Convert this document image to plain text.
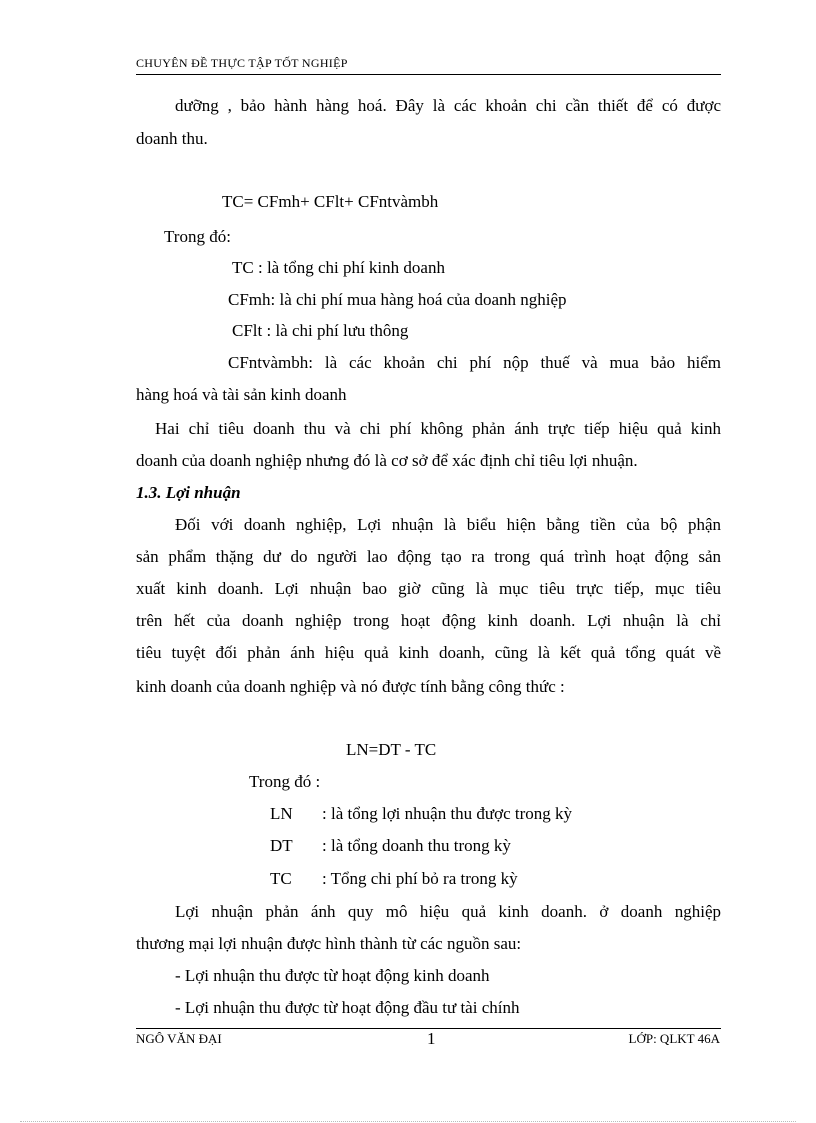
CHUYÊN ĐỀ THỰC TẬP TỐT NGHIỆP
dưỡng , bảo hành hàng hoá. Đây là các khoản chi cần thiết để có được
doanh thu.
TC= CFmh+ CFlt+ CFntvàmbh
Trong đó:
TC : là tổng chi phí kinh doanh
CFmh: là chi phí mua hàng hoá của doanh nghiệp
CFlt : là chi phí lưu thông
CFntvàmbh: là các khoản chi phí nộp thuế và mua bảo hiểm
hàng hoá và tài sản kinh doanh
Hai chỉ tiêu doanh thu và chi phí không phản ánh trực tiếp hiệu quả kinh
doanh của doanh nghiệp nhưng đó là cơ sở để xác định chỉ tiêu lợi nhuận.
1.3. Lợi nhuận
Đối với doanh nghiệp, Lợi nhuận là biểu hiện bằng tiền của bộ phận
sản phẩm thặng dư do người lao động tạo ra trong quá trình hoạt động sản
xuất kinh doanh. Lợi nhuận bao giờ cũng là mục tiêu trực tiếp, mục tiêu
trên hết của doanh nghiệp trong hoạt động kinh doanh. Lợi nhuận là chỉ
tiêu tuyệt đối phản ánh hiệu quả kinh doanh, cũng là kết quả tổng quát về
kinh doanh của doanh nghiệp và nó được tính bằng công thức :
LN=DT - TC
Trong đó :
LN : là tổng lợi nhuận thu được trong kỳ
DT : là tổng doanh thu trong kỳ
TC : Tổng chi phí bỏ ra trong kỳ
Lợi nhuận phản ánh quy mô hiệu quả kinh doanh. ở doanh nghiệp
thương mại lợi nhuận được hình thành từ các nguồn sau:
- Lợi nhuận thu được từ hoạt động kinh doanh
- Lợi nhuận thu được từ hoạt động đầu tư tài chính
NGÔ VĂN ĐẠI	1	LỚP: QLKT 46A
